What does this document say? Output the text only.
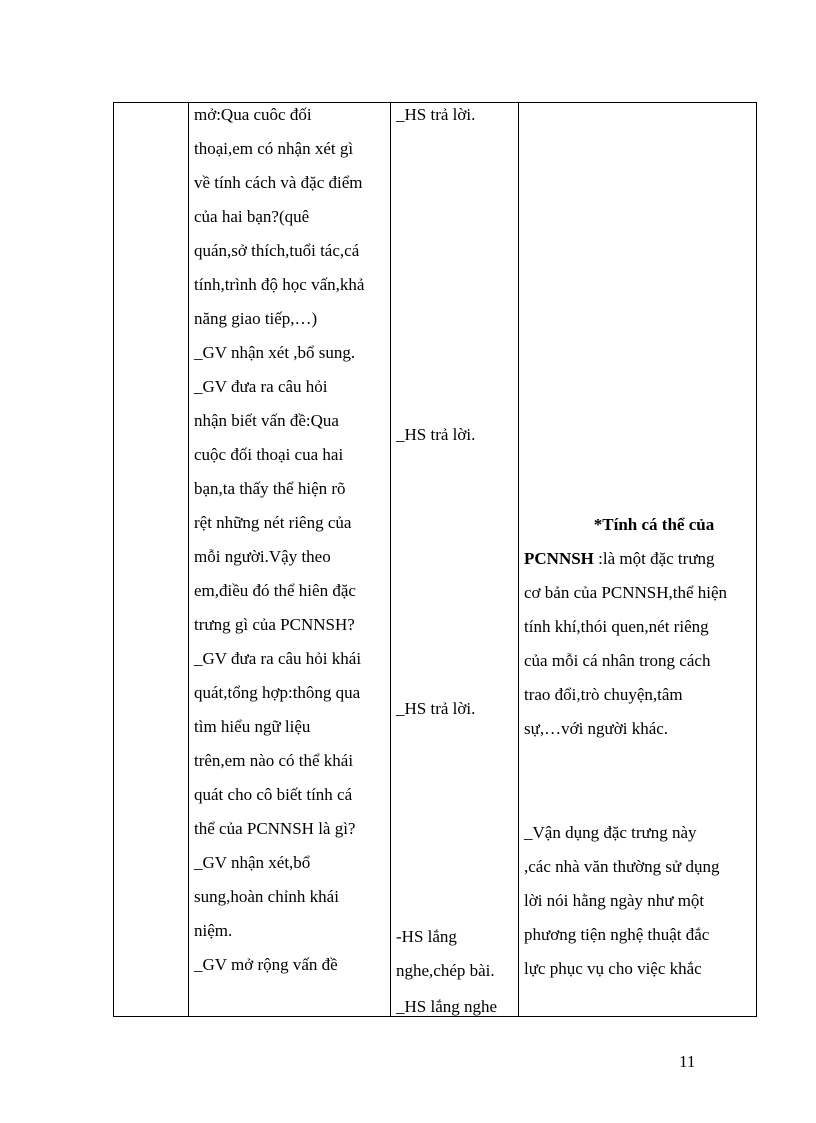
mở:Qua cuôc đối
thoại,em có nhận xét gì
về tính cách và đặc điểm
của hai bạn?(quê
quán,sở thích,tuổi tác,cá
tính,trình độ học vấn,khả
năng giao tiếp,…)
_GV nhận xét ,bổ sung.
_GV đưa ra câu hỏi
nhận biết vấn đề:Qua
cuộc đối thoại cua hai
bạn,ta thấy thể hiện rõ
rệt những nét riêng của
mỗi người.Vậy theo
em,điều đó thể hiên đặc
trưng gì của PCNNSH?
_GV đưa ra câu hỏi khái
quát,tổng hợp:thông qua
tìm hiểu ngữ liệu
trên,em nào có thể khái
quát cho cô biết tính cá
thể của PCNNSH là gì?
_GV nhận xét,bổ
sung,hoàn chỉnh khái
niệm.
_GV mở rộng vấn đề
_HS trả lời.
_HS trả lời.
_HS trả lời.
-HS lắng
nghe,chép bài.
_HS lắng nghe
*Tính cá thể của
PCNNSH :là một đặc trưng
cơ bản của PCNNSH,thể hiện
tính khí,thói quen,nét riêng
của mỗi cá nhân trong cách
trao đổi,trò chuyện,tâm
sự,…với người khác.
_Vận dụng đặc trưng này
,các nhà văn thường sử dụng
lời nói hằng ngày như một
phương tiện nghệ thuật đắc
lực phục vụ cho việc khắc
11
